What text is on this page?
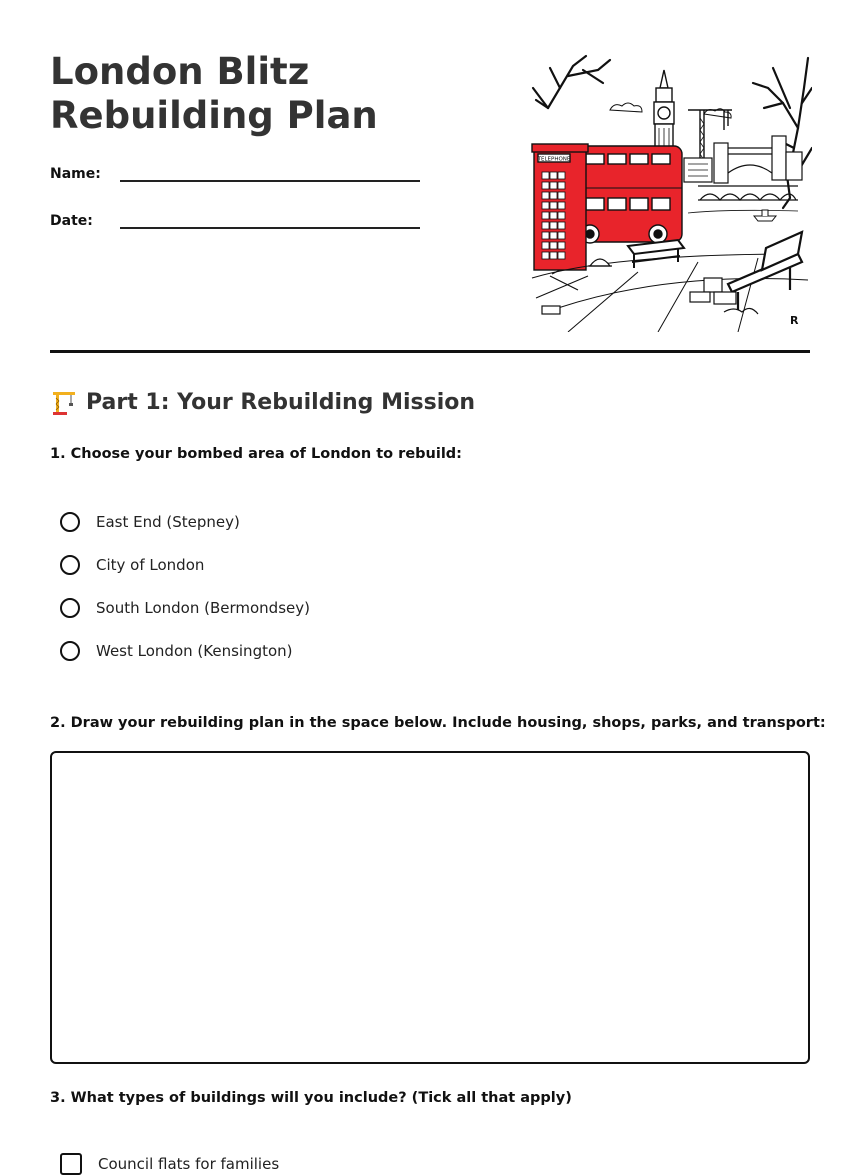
London Blitz Rebuilding Plan
Name:
Date:
TELEPHONE
R
Part 1: Your Rebuilding Mission

1. Choose your bombed area of London to rebuild:

East End (Stepney)
City of London
South London (Bermondsey)
West London (Kensington)

2. Draw your rebuilding plan in the space below. Include housing, shops, parks, and transport:

3. What types of buildings will you include? (Tick all that apply)

Council flats for families
